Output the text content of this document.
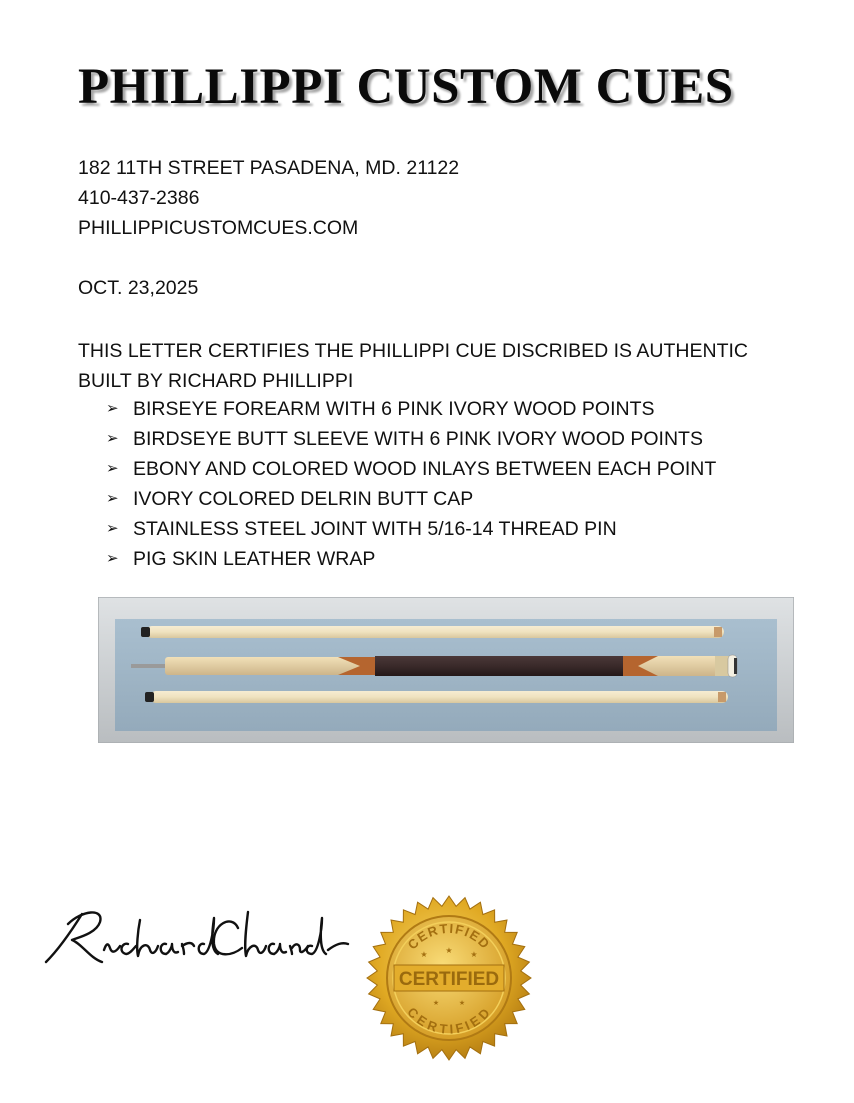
PHILLIPPI CUSTOM CUES
182 11TH STREET PASADENA, MD. 21122
410-437-2386
PHILLIPPICUSTOMCUES.COM
OCT. 23,2025
THIS LETTER CERTIFIES THE PHILLIPPI CUE DISCRIBED IS AUTHENTIC
BUILT BY RICHARD PHILLIPPI
➢ BIRSEYE FOREARM WITH 6 PINK IVORY WOOD POINTS
➢ BIRDSEYE BUTT SLEEVE WITH 6 PINK IVORY WOOD POINTS
➢ EBONY AND COLORED WOOD INLAYS BETWEEN EACH POINT
➢ IVORY COLORED DELRIN BUTT CAP
➢ STAINLESS STEEL JOINT WITH 5/16-14 THREAD PIN
➢ PIG SKIN LEATHER WRAP
CERTIFIED
CERTIFIED
CERTIFIED
★ ★ ★
★	★
